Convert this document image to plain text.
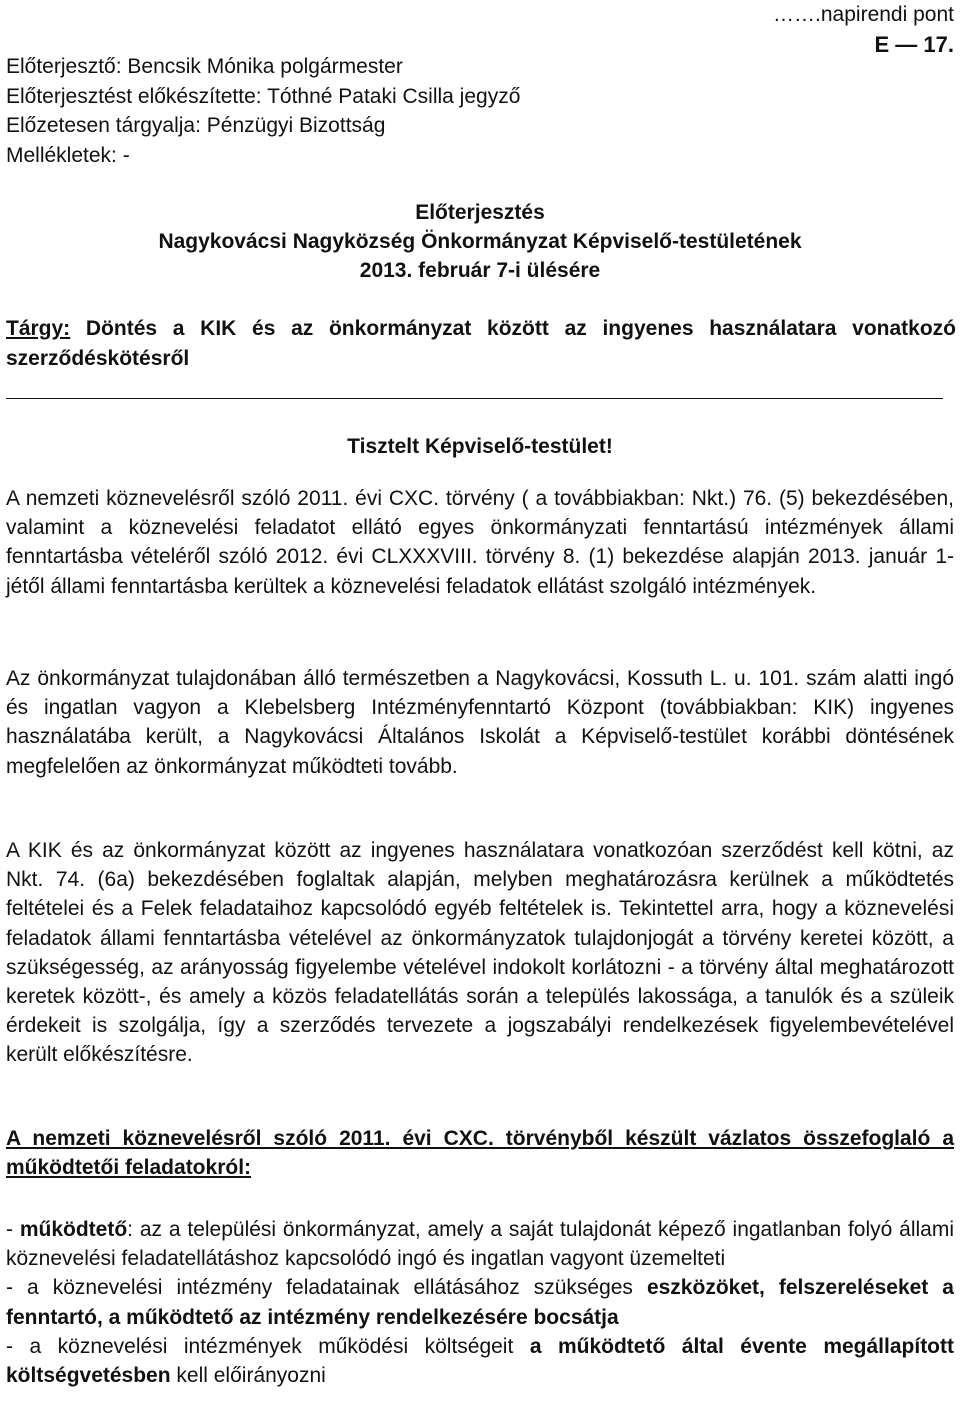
…….napirendi pont
E — 17.
Előterjesztő: Bencsik Mónika polgármester
Előterjesztést előkészítette: Tóthné Pataki Csilla jegyző
Előzetesen tárgyalja: Pénzügyi Bizottság
Mellékletek: -
Előterjesztés
Nagykovácsi Nagyközség Önkormányzat Képviselő-testületének
2013. február 7-i ülésére
Tárgy: Döntés a KIK és az önkormányzat között az ingyenes használatara vonatkozó szerződéskötésről
Tisztelt Képviselő-testület!
A nemzeti köznevelésről szóló 2011. évi CXC. törvény ( a továbbiakban: Nkt.) 76. (5) bekezdésében, valamint a köznevelési feladatot ellátó egyes önkormányzati fenntartású intézmények állami fenntartásba vételéről szóló 2012. évi CLXXXVIII. törvény 8. (1) bekezdése alapján 2013. január 1-jétől állami fenntartásba kerültek a köznevelési feladatok ellátást szolgáló intézmények.
Az önkormányzat tulajdonában álló természetben a Nagykovácsi, Kossuth L. u. 101. szám alatti ingó és ingatlan vagyon a Klebelsberg Intézményfenntartó Központ (továbbiakban: KIK) ingyenes használatába került, a Nagykovácsi Általános Iskolát a Képviselő-testület korábbi döntésének megfelelően az önkormányzat működteti tovább.
A KIK és az önkormányzat között az ingyenes használatara vonatkozóan szerződést kell kötni, az Nkt. 74. (6a) bekezdésében foglaltak alapján, melyben meghatározásra kerülnek a működtetés feltételei és a Felek feladataihoz kapcsolódó egyéb feltételek is. Tekintettel arra, hogy a köznevelési feladatok állami fenntartásba vételével az önkormányzatok tulajdonjogát a törvény keretei között, a szükségesség, az arányosság figyelembe vételével indokolt korlátozni - a törvény által meghatározott keretek között-, és amely a közös feladatellátás során a település lakossága, a tanulók és a szüleik érdekeit is szolgálja, így a szerződés tervezete a jogszabályi rendelkezések figyelembevételével került előkészítésre.
A nemzeti köznevelésről szóló 2011. évi CXC. törvényből készült vázlatos összefoglaló a működtetői feladatokról:
- működtető: az a települési önkormányzat, amely a saját tulajdonát képező ingatlanban folyó állami köznevelési feladatellátáshoz kapcsolódó ingó és ingatlan vagyont üzemelteti
- a köznevelési intézmény feladatainak ellátásához szükséges eszközöket, felszereléseket a fenntartó, a működtető az intézmény rendelkezésére bocsátja
- a köznevelési intézmények működési költségeit a működtető által évente megállapított költségvetésben kell előirányozni
